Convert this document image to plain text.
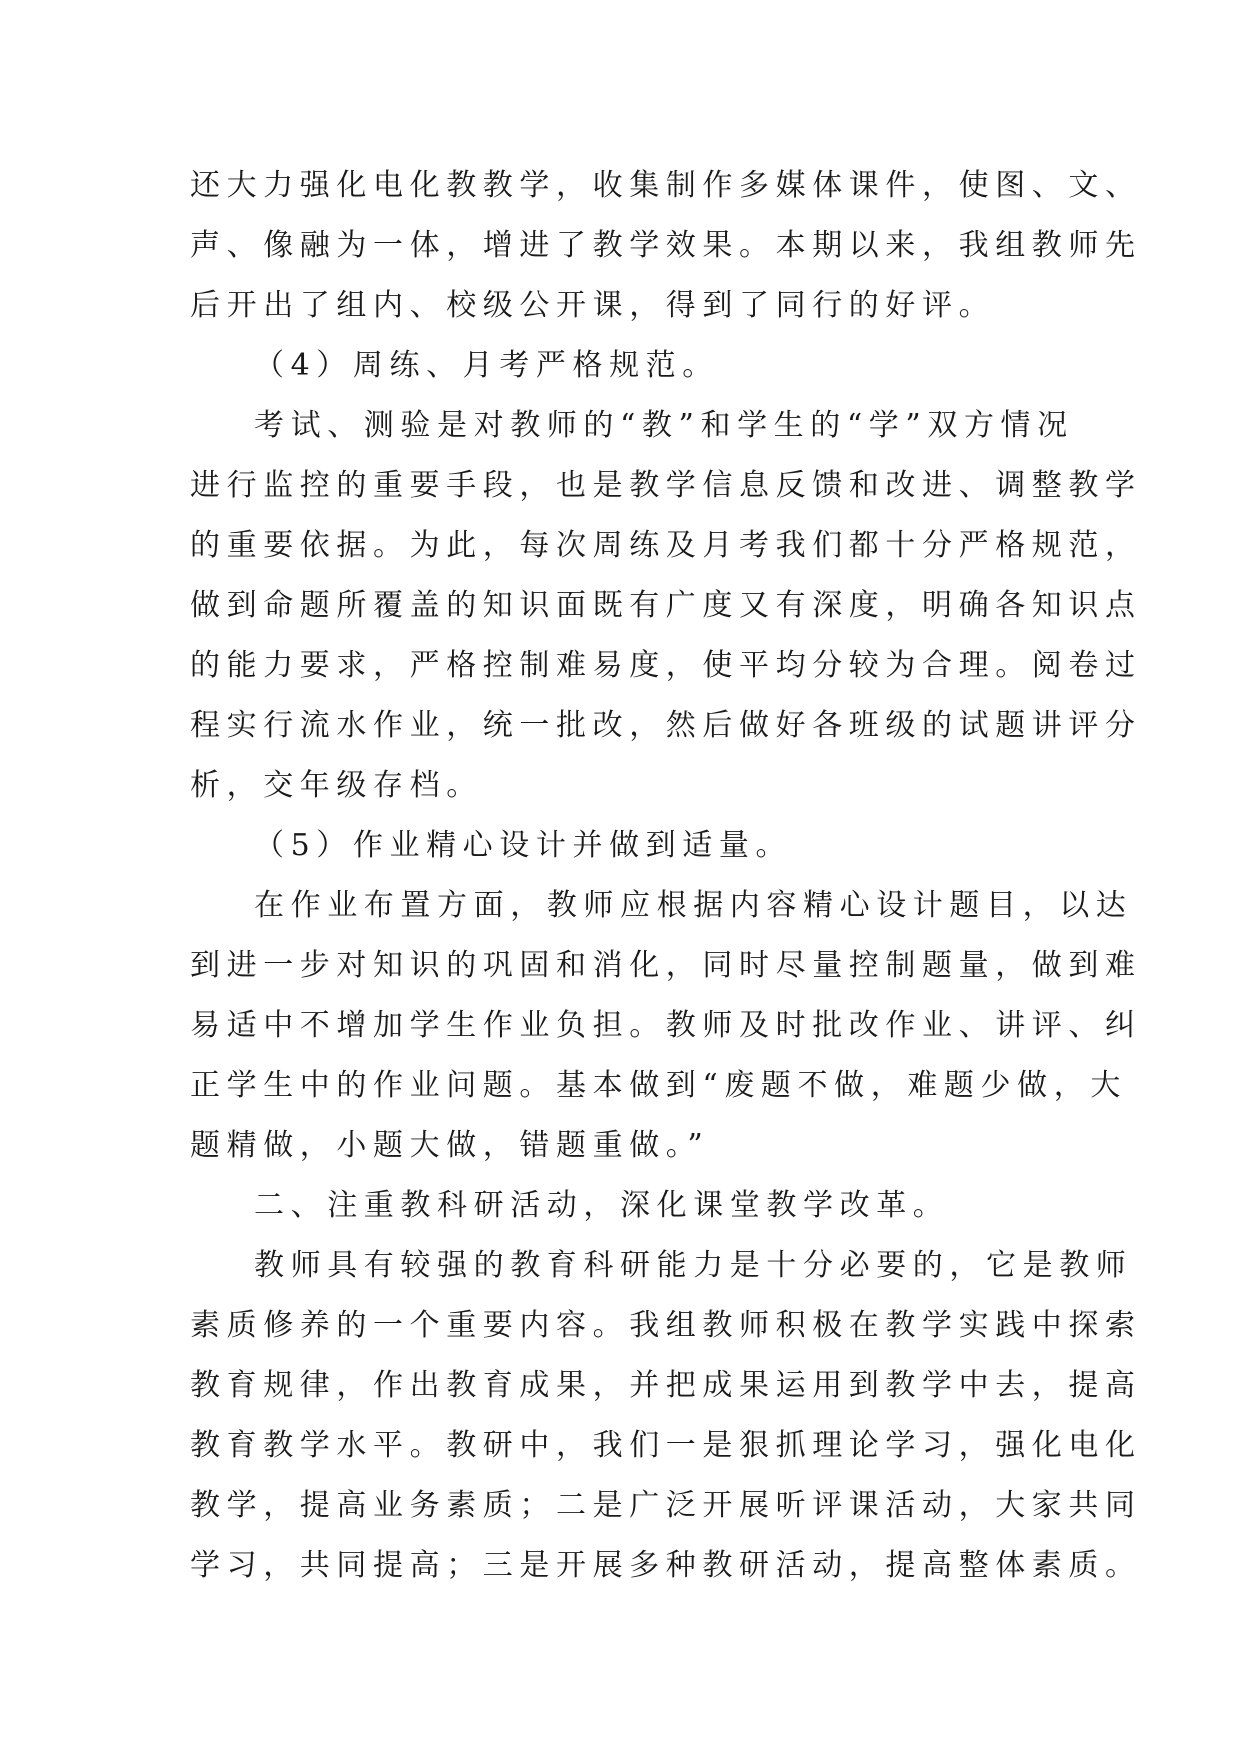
还大力强化电化教教学，收集制作多媒体课件，使图、文、
声、像融为一体，增进了教学效果。本期以来，我组教师先
后开出了组内、校级公开课，得到了同行的好评。
（4）周练、月考严格规范。
考试、测验是对教师的“教”和学生的“学”双方情况
进行监控的重要手段，也是教学信息反馈和改进、调整教学
的重要依据。为此，每次周练及月考我们都十分严格规范，
做到命题所覆盖的知识面既有广度又有深度，明确各知识点
的能力要求，严格控制难易度，使平均分较为合理。阅卷过
程实行流水作业，统一批改，然后做好各班级的试题讲评分
析，交年级存档。
（5）作业精心设计并做到适量。
在作业布置方面，教师应根据内容精心设计题目，以达
到进一步对知识的巩固和消化，同时尽量控制题量，做到难
易适中不增加学生作业负担。教师及时批改作业、讲评、纠
正学生中的作业问题。基本做到“废题不做，难题少做，大
题精做，小题大做，错题重做。”
二、注重教科研活动，深化课堂教学改革。
教师具有较强的教育科研能力是十分必要的，它是教师
素质修养的一个重要内容。我组教师积极在教学实践中探索
教育规律，作出教育成果，并把成果运用到教学中去，提高
教育教学水平。教研中，我们一是狠抓理论学习，强化电化
教学，提高业务素质；二是广泛开展听评课活动，大家共同
学习，共同提高；三是开展多种教研活动，提高整体素质。
